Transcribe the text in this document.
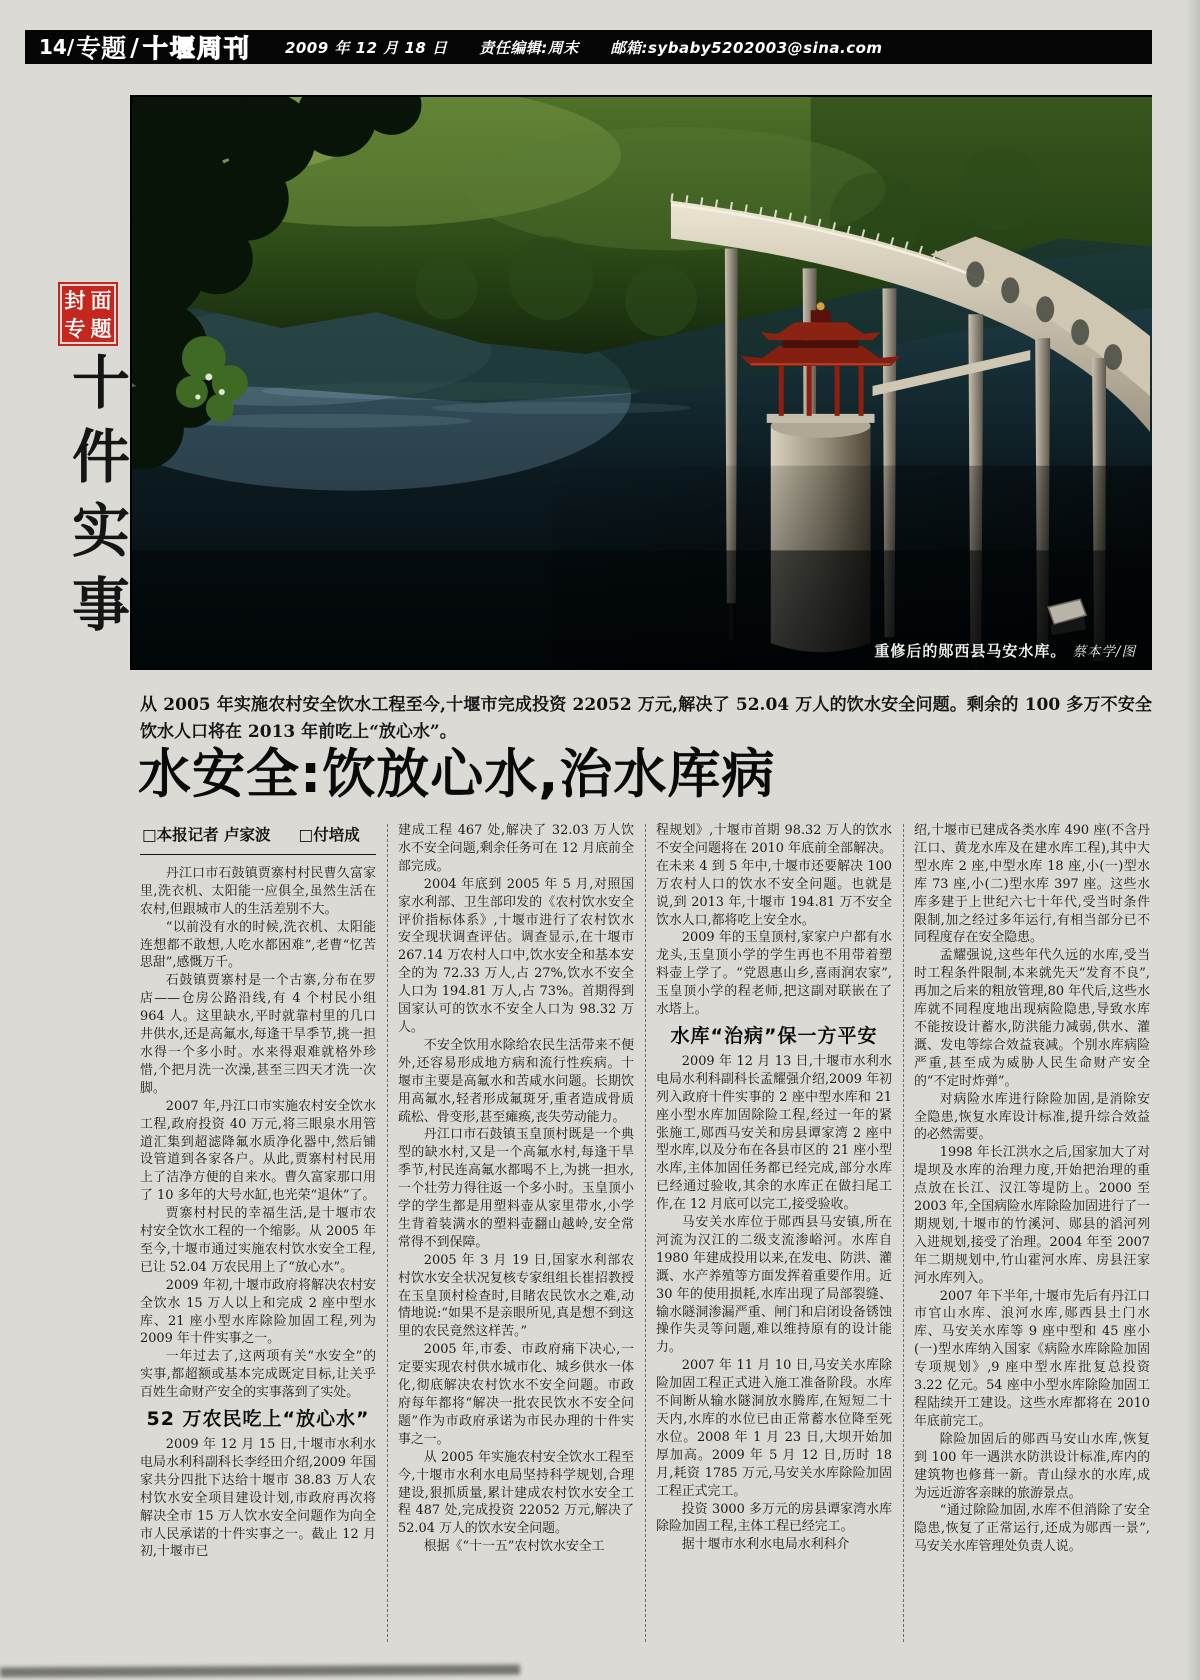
14/ 专题 / 十堰周刊 2009 年 12 月 18 日 责任编辑:周末 邮箱:sybaby5202003@sina.com
封 面
专 题
十件实事
重修后的郧西县马安水库。 蔡本学/图
从 2005 年实施农村安全饮水工程至今,十堰市完成投资 22052 万元,解决了 52.04 万人的饮水安全问题。剩余的 100 多万不安全饮水人口将在 2013 年前吃上“放心水”。
水安全:饮放心水,治水库病
□本报记者 卢家波 □付培成

丹江口市石鼓镇贾寨村村民曹久富家里,洗衣机、太阳能一应俱全,虽然生活在农村,但跟城市人的生活差别不大。

“以前没有水的时候,洗衣机、太阳能连想都不敢想,人吃水都困难”,老曹“忆苦思甜”,感慨万千。

石鼓镇贾寨村是一个古寨,分布在罗店——仓房公路沿线,有 4 个村民小组 964 人。这里缺水,平时就靠村里的几口井供水,还是高氟水,每逢干旱季节,挑一担水得一个多小时。水来得艰难就格外珍惜,个把月洗一次澡,甚至三四天才洗一次脚。

2007 年,丹江口市实施农村安全饮水工程,政府投资 40 万元,将三眼泉水用管道汇集到超滤降氟水质净化器中,然后铺设管道到各家各户。从此,贾寨村村民用上了洁净方便的自来水。曹久富家那口用了 10 多年的大号水缸,也光荣“退休”了。

贾寨村村民的幸福生活,是十堰市农村安全饮水工程的一个缩影。从 2005 年至今,十堰市通过实施农村饮水安全工程,已让 52.04 万农民用上了“放心水”。

2009 年初,十堰市政府将解决农村安全饮水 15 万人以上和完成 2 座中型水库、21 座小型水库除险加固工程,列为 2009 年十件实事之一。

一年过去了,这两项有关“水安全”的实事,都超额或基本完成既定目标,让关乎百姓生命财产安全的实事落到了实处。

52 万农民吃上“放心水”

2009 年 12 月 15 日,十堰市水利水电局水利科副科长李经田介绍,2009 年国家共分四批下达给十堰市 38.83 万人农村饮水安全项目建设计划,市政府再次将解决全市 15 万人饮水安全问题作为向全市人民承诺的十件实事之一。截止 12 月初,十堰市已

建成工程 467 处,解决了 32.03 万人饮水不安全问题,剩余任务可在 12 月底前全部完成。

2004 年底到 2005 年 5 月,对照国家水利部、卫生部印发的《农村饮水安全评价指标体系》,十堰市进行了农村饮水安全现状调查评估。调查显示,在十堰市 267.14 万农村人口中,饮水安全和基本安全的为 72.33 万人,占 27%,饮水不安全人口为 194.81 万人,占 73%。首期得到国家认可的饮水不安全人口为 98.32 万人。

不安全饮用水除给农民生活带来不便外,还容易形成地方病和流行性疾病。十堰市主要是高氟水和苦咸水问题。长期饮用高氟水,轻者形成氟斑牙,重者造成骨质疏松、骨变形,甚至瘫痪,丧失劳动能力。

丹江口市石鼓镇玉皇顶村既是一个典型的缺水村,又是一个高氟水村,每逢干旱季节,村民连高氟水都喝不上,为挑一担水,一个壮劳力得往返一个多小时。玉皇顶小学的学生都是用塑料壶从家里带水,小学生背着装满水的塑料壶翻山越岭,安全常常得不到保障。

2005 年 3 月 19 日,国家水利部农村饮水安全状况复核专家组组长崔招教授在玉皇顶村检查时,目睹农民饮水之难,动情地说:“如果不是亲眼所见,真是想不到这里的农民竟然这样苦。”

2005 年,市委、市政府痛下决心,一定要实现农村供水城市化、城乡供水一体化,彻底解决农村饮水不安全问题。市政府每年都将“解决一批农民饮水不安全问题”作为市政府承诺为市民办理的十件实事之一。

从 2005 年实施农村安全饮水工程至今,十堰市水利水电局坚持科学规划,合理建设,狠抓质量,累计建成农村饮水安全工程 487 处,完成投资 22052 万元,解决了 52.04 万人的饮水安全问题。

根据《“十一五”农村饮水安全工

程规划》,十堰市首期 98.32 万人的饮水不安全问题将在 2010 年底前全部解决。在未来 4 到 5 年中,十堰市还要解决 100 万农村人口的饮水不安全问题。也就是说,到 2013 年,十堰市 194.81 万不安全饮水人口,都将吃上安全水。

2009 年的玉皇顶村,家家户户都有水龙头,玉皇顶小学的学生再也不用带着塑料壶上学了。“党恩惠山乡,喜雨润农家”,玉皇顶小学的程老师,把这副对联嵌在了水塔上。

水库“治病”保一方平安

2009 年 12 月 13 日,十堰市水利水电局水利科副科长孟耀强介绍,2009 年初列入政府十件实事的 2 座中型水库和 21 座小型水库加固除险工程,经过一年的紧张施工,郧西马安关和房县谭家湾 2 座中型水库,以及分布在各县市区的 21 座小型水库,主体加固任务都已经完成,部分水库已经通过验收,其余的水库正在做扫尾工作,在 12 月底可以完工,接受验收。

马安关水库位于郧西县马安镇,所在河流为汉江的二级支流渗峪河。水库自 1980 年建成投用以来,在发电、防洪、灌溉、水产养殖等方面发挥着重要作用。近 30 年的使用损耗,水库出现了局部裂缝、输水隧洞渗漏严重、闸门和启闭设备锈蚀操作失灵等问题,难以维持原有的设计能力。

2007 年 11 月 10 日,马安关水库除险加固工程正式进入施工准备阶段。水库不间断从输水隧洞放水腾库,在短短二十天内,水库的水位已由正常蓄水位降至死水位。2008 年 1 月 23 日,大坝开始加厚加高。2009 年 5 月 12 日,历时 18 月,耗资 1785 万元,马安关水库除险加固工程正式完工。

投资 3000 多万元的房县谭家湾水库除险加固工程,主体工程已经完工。

据十堰市水利水电局水利科介

绍,十堰市已建成各类水库 490 座(不含丹江口、黄龙水库及在建水库工程),其中大型水库 2 座,中型水库 18 座,小(一)型水库 73 座,小(二)型水库 397 座。这些水库多建于上世纪六七十年代,受当时条件限制,加之经过多年运行,有相当部分已不同程度存在安全隐患。

孟耀强说,这些年代久远的水库,受当时工程条件限制,本来就先天“发育不良”,再加之后来的粗放管理,80 年代后,这些水库就不同程度地出现病险隐患,导致水库不能按设计蓄水,防洪能力减弱,供水、灌溉、发电等综合效益衰减。个别水库病险严重,甚至成为威胁人民生命财产安全的“不定时炸弹”。

对病险水库进行除险加固,是消除安全隐患,恢复水库设计标准,提升综合效益的必然需要。

1998 年长江洪水之后,国家加大了对堤坝及水库的治理力度,开始把治理的重点放在长江、汉江等堤防上。2000 至 2003 年,全国病险水库除险加固进行了一期规划,十堰市的竹溪河、郧县的滔河列入进规划,接受了治理。2004 年至 2007 年二期规划中,竹山霍河水库、房县汪家河水库列入。

2007 年下半年,十堰市先后有丹江口市官山水库、浪河水库,郧西县土门水库、马安关水库等 9 座中型和 45 座小(一)型水库纳入国家《病险水库除险加固专项规划》,9 座中型水库批复总投资 3.22 亿元。54 座中小型水库除险加固工程陆续开工建设。这些水库都将在 2010 年底前完工。

除险加固后的郧西马安山水库,恢复到 100 年一遇洪水防洪设计标准,库内的建筑物也修葺一新。青山绿水的水库,成为远近游客亲睐的旅游景点。

“通过除险加固,水库不但消除了安全隐患,恢复了正常运行,还成为郧西一景”,马安关水库管理处负责人说。
